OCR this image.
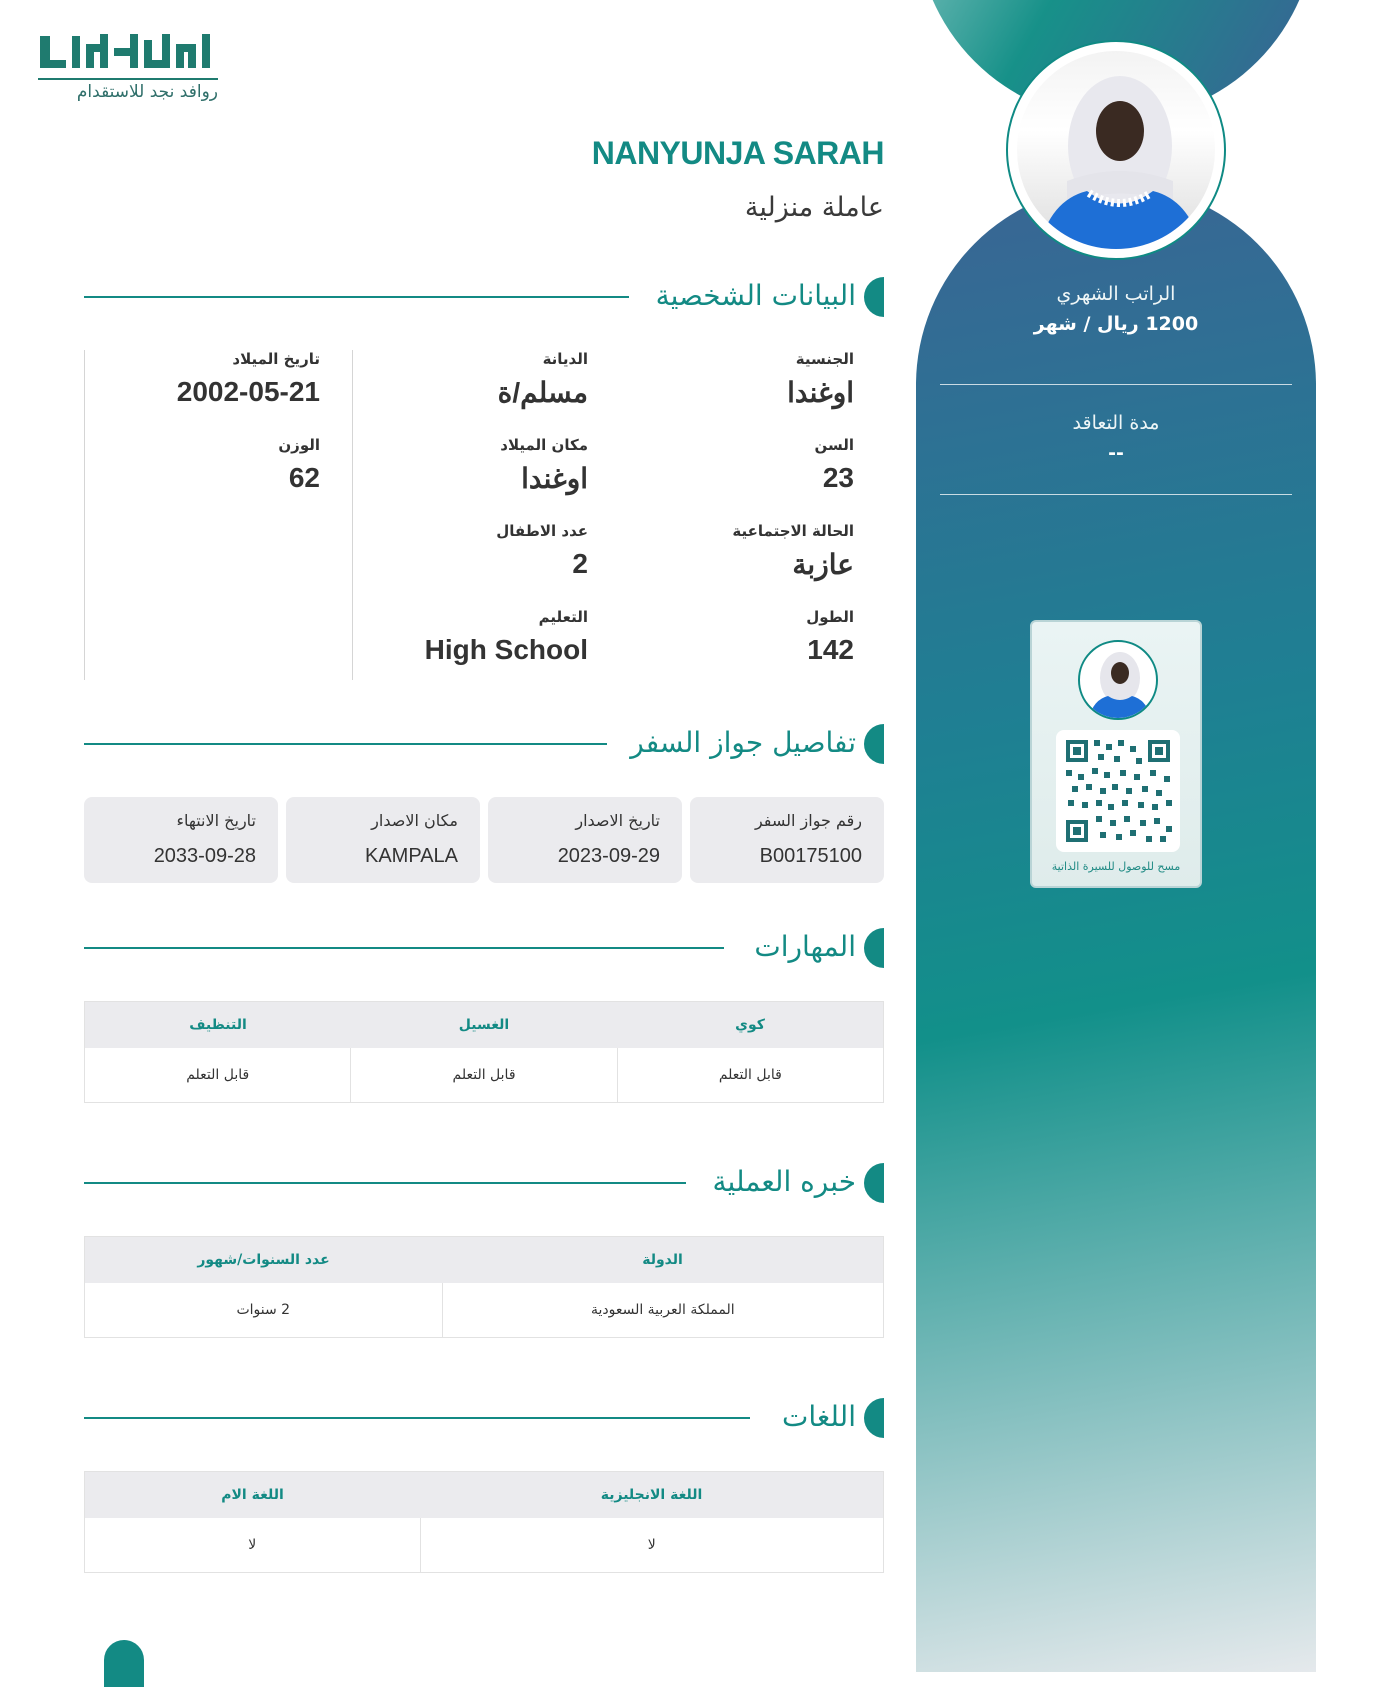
روافد نجد للاستقدام
NANYUNJA SARAH
عاملة منزلية
الراتب الشهري
1200 ريال / شهر
مدة التعاقد
--
مسح للوصول للسيرة الذاتية
البيانات الشخصية
الجنسية
اوغندا
السن
23
الحالة الاجتماعية
عازبة
الطول
142
الديانة
مسلم/ة
مكان الميلاد
اوغندا
عدد الاطفال
2
التعليم
High School
تاريخ الميلاد
2002-05-21
الوزن
62
تفاصيل جواز السفر
رقم جواز السفر
B00175100
تاريخ الاصدار
2023-09-29
مكان الاصدار
KAMPALA
تاريخ الانتهاء
2033-09-28
المهارات
كوي
الغسيل
التنظيف
قابل التعلم
قابل التعلم
قابل التعلم
خبره العملية
الدولة
عدد السنوات/شهور
المملكة العربية السعودية
2 سنوات
اللغات
اللغة الانجليزية
اللغة الام
لا
لا
